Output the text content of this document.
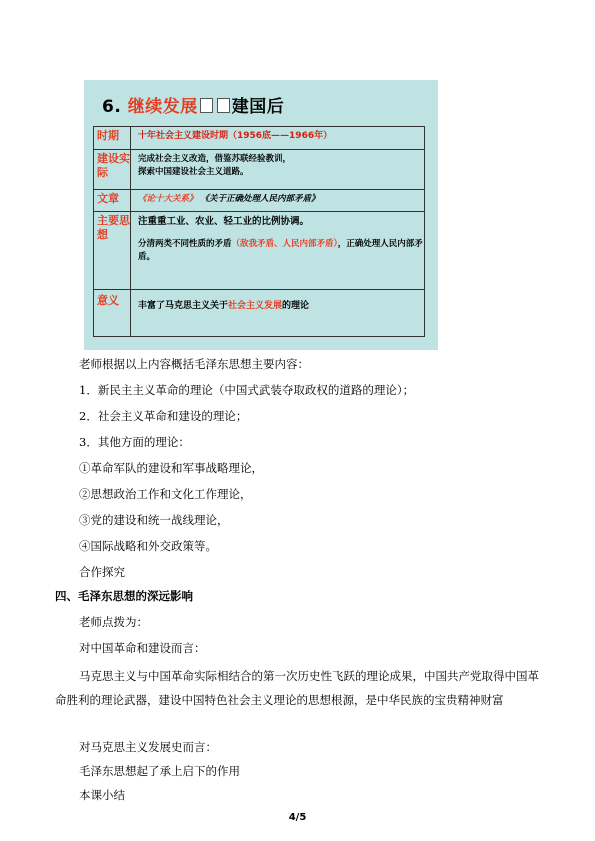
6. 继续发展 建国后
时期	十年社会主义建设时期（1956底——1966年）
建设实际	完成社会主义改造，借鉴苏联经验教训，
探索中国建设社会主义道路。

文章	《论十大关系》 《关于正确处理人民内部矛盾》
主要思想	注重重工业、农业、轻工业的比例协调。
分清两类不同性质的矛盾（敌我矛盾、人民内部矛盾），正确处理人民内部矛盾。

意义	丰富了马克思主义关于社会主义发展的理论
老师根据以上内容概括毛泽东思想主要内容：
1．新民主主义革命的理论（中国式武装夺取政权的道路的理论）；
2．社会主义革命和建设的理论；
3．其他方面的理论：
①革命军队的建设和军事战略理论，
②思想政治工作和文化工作理论，
③党的建设和统一战线理论，
④国际战略和外交政策等。
合作探究
四、毛泽东思想的深远影响
老师点拨为：
对中国革命和建设而言：
马克思主义与中国革命实际相结合的第一次历史性飞跃的理论成果，中国共产党取得中国革命胜利的理论武器，建设中国特色社会主义理论的思想根源，是中华民族的宝贵精神财富
对马克思主义发展史而言：
毛泽东思想起了承上启下的作用
本课小结
4/5
